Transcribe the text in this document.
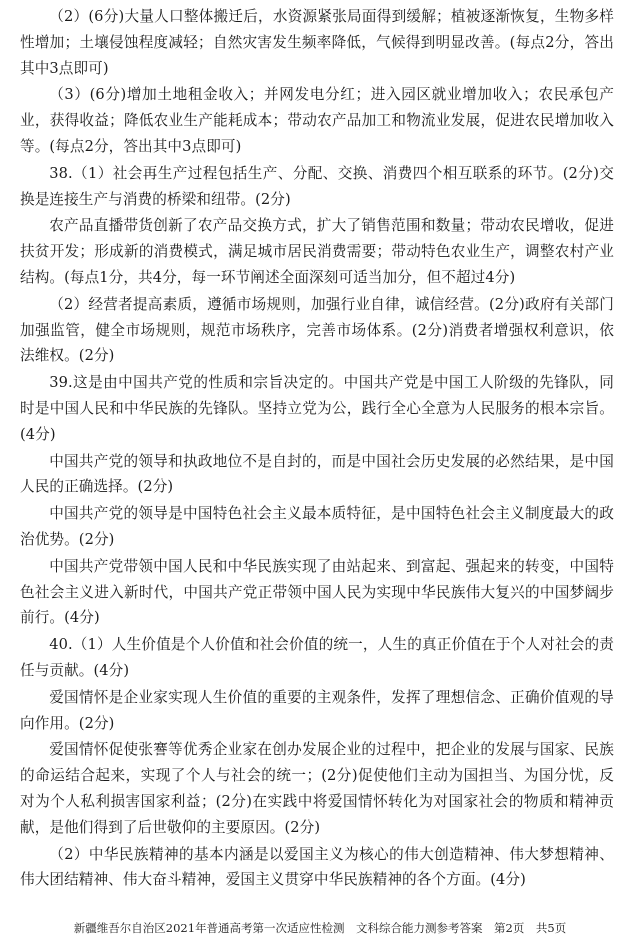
（2）(6分)大量人口整体搬迁后，水资源紧张局面得到缓解；植被逐渐恢复，生物多样性增加；土壤侵蚀程度减轻；自然灾害发生频率降低，气候得到明显改善。(每点2分，答出其中3点即可)

（3）(6分)增加土地租金收入；并网发电分红；进入园区就业增加收入；农民承包产业，获得收益；降低农业生产能耗成本；带动农产品加工和物流业发展，促进农民增加收入等。(每点2分，答出其中3点即可)

38.（1）社会再生产过程包括生产、分配、交换、消费四个相互联系的环节。(2分)交换是连接生产与消费的桥梁和纽带。(2分)

农产品直播带货创新了农产品交换方式，扩大了销售范围和数量；带动农民增收，促进扶贫开发；形成新的消费模式，满足城市居民消费需要；带动特色农业生产，调整农村产业结构。(每点1分，共4分，每一环节阐述全面深刻可适当加分，但不超过4分)

（2）经营者提高素质，遵循市场规则，加强行业自律，诚信经营。(2分)政府有关部门加强监管，健全市场规则，规范市场秩序，完善市场体系。(2分)消费者增强权利意识，依法维权。(2分)

39.这是由中国共产党的性质和宗旨决定的。中国共产党是中国工人阶级的先锋队，同时是中国人民和中华民族的先锋队。坚持立党为公，践行全心全意为人民服务的根本宗旨。(4分)

中国共产党的领导和执政地位不是自封的，而是中国社会历史发展的必然结果，是中国人民的正确选择。(2分)

中国共产党的领导是中国特色社会主义最本质特征，是中国特色社会主义制度最大的政治优势。(2分)

中国共产党带领中国人民和中华民族实现了由站起来、到富起、强起来的转变，中国特色社会主义进入新时代，中国共产党正带领中国人民为实现中华民族伟大复兴的中国梦阔步前行。(4分)

40.（1）人生价值是个人价值和社会价值的统一，人生的真正价值在于个人对社会的责任与贡献。(4分)

爱国情怀是企业家实现人生价值的重要的主观条件，发挥了理想信念、正确价值观的导向作用。(2分)

爱国情怀促使张謇等优秀企业家在创办发展企业的过程中，把企业的发展与国家、民族的命运结合起来，实现了个人与社会的统一；(2分)促使他们主动为国担当、为国分忧，反对为个人私利损害国家利益；(2分)在实践中将爱国情怀转化为对国家社会的物质和精神贡献，是他们得到了后世敬仰的主要原因。(2分)

（2）中华民族精神的基本内涵是以爱国主义为核心的伟大创造精神、伟大梦想精神、伟大团结精神、伟大奋斗精神，爱国主义贯穿中华民族精神的各个方面。(4分)

新疆维吾尔自治区2021年普通高考第一次适应性检测　文科综合能力测参考答案　第2页　共5页
